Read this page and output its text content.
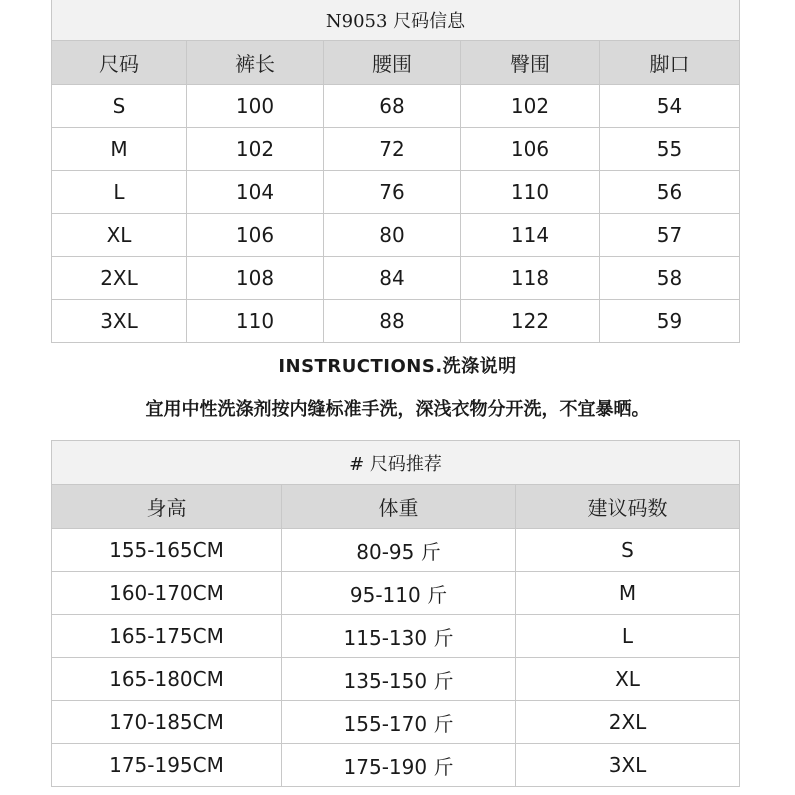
N9053 尺码信息				
尺码	裤长	腰围	臀围	脚口
S	100	68	102	54
M	102	72	106	55
L	104	76	110	56
XL	106	80	114	57
2XL	108	84	118	58
3XL	110	88	122	59
INSTRUCTIONS.洗涤说明
宜用中性洗涤剂按内缝标准手洗，深浅衣物分开洗，不宜暴晒。
# 尺码推荐		
身高	体重	建议码数
155-165CM	80-95 斤	S
160-170CM	95-110 斤	M
165-175CM	115-130 斤	L
165-180CM	135-150 斤	XL
170-185CM	155-170 斤	2XL
175-195CM	175-190 斤	3XL
